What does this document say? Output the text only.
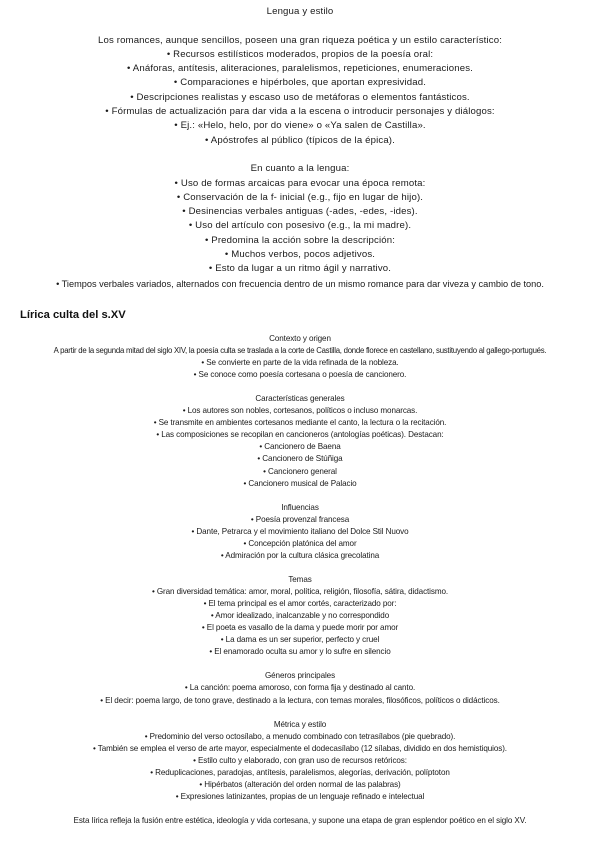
Lengua y estilo
Los romances, aunque sencillos, poseen una gran riqueza poética y un estilo característico:
• Recursos estilísticos moderados, propios de la poesía oral:
• Anáforas, antítesis, aliteraciones, paralelismos, repeticiones, enumeraciones.
• Comparaciones e hipérboles, que aportan expresividad.
• Descripciones realistas y escaso uso de metáforas o elementos fantásticos.
• Fórmulas de actualización para dar vida a la escena o introducir personajes y diálogos:
• Ej.: «Helo, helo, por do viene» o «Ya salen de Castilla».
• Apóstrofes al público (típicos de la épica).
En cuanto a la lengua:
• Uso de formas arcaicas para evocar una época remota:
• Conservación de la f- inicial (e.g., fijo en lugar de hijo).
• Desinencias verbales antiguas (-ades, -edes, -ides).
• Uso del artículo con posesivo (e.g., la mi madre).
• Predomina la acción sobre la descripción:
• Muchos verbos, pocos adjetivos.
• Esto da lugar a un ritmo ágil y narrativo.
• Tiempos verbales variados, alternados con frecuencia dentro de un mismo romance para dar viveza y cambio de tono.
Lírica culta del s.XV
Contexto y origen
A partir de la segunda mitad del siglo XIV, la poesía culta se traslada a la corte de Castilla, donde florece en castellano, sustituyendo al gallego-portugués.
• Se convierte en parte de la vida refinada de la nobleza.
• Se conoce como poesía cortesana o poesía de cancionero.
Características generales
• Los autores son nobles, cortesanos, políticos o incluso monarcas.
• Se transmite en ambientes cortesanos mediante el canto, la lectura o la recitación.
• Las composiciones se recopilan en cancioneros (antologías poéticas). Destacan:
• Cancionero de Baena
• Cancionero de Stúñiga
• Cancionero general
• Cancionero musical de Palacio
Influencias
• Poesía provenzal francesa
• Dante, Petrarca y el movimiento italiano del Dolce Stil Nuovo
• Concepción platónica del amor
• Admiración por la cultura clásica grecolatina
Temas
• Gran diversidad temática: amor, moral, política, religión, filosofía, sátira, didactismo.
• El tema principal es el amor cortés, caracterizado por:
• Amor idealizado, inalcanzable y no correspondido
• El poeta es vasallo de la dama y puede morir por amor
• La dama es un ser superior, perfecto y cruel
• El enamorado oculta su amor y lo sufre en silencio
Géneros principales
• La canción: poema amoroso, con forma fija y destinado al canto.
• El decir: poema largo, de tono grave, destinado a la lectura, con temas morales, filosóficos, políticos o didácticos.
Métrica y estilo
• Predominio del verso octosílabo, a menudo combinado con tetrasílabos (pie quebrado).
• También se emplea el verso de arte mayor, especialmente el dodecasílabo (12 sílabas, dividido en dos hemistiquios).
• Estilo culto y elaborado, con gran uso de recursos retóricos:
• Reduplicaciones, paradojas, antítesis, paralelismos, alegorías, derivación, políptoton
• Hipérbatos (alteración del orden normal de las palabras)
• Expresiones latinizantes, propias de un lenguaje refinado e intelectual
Esta lírica refleja la fusión entre estética, ideología y vida cortesana, y supone una etapa de gran esplendor poético en el siglo XV.
